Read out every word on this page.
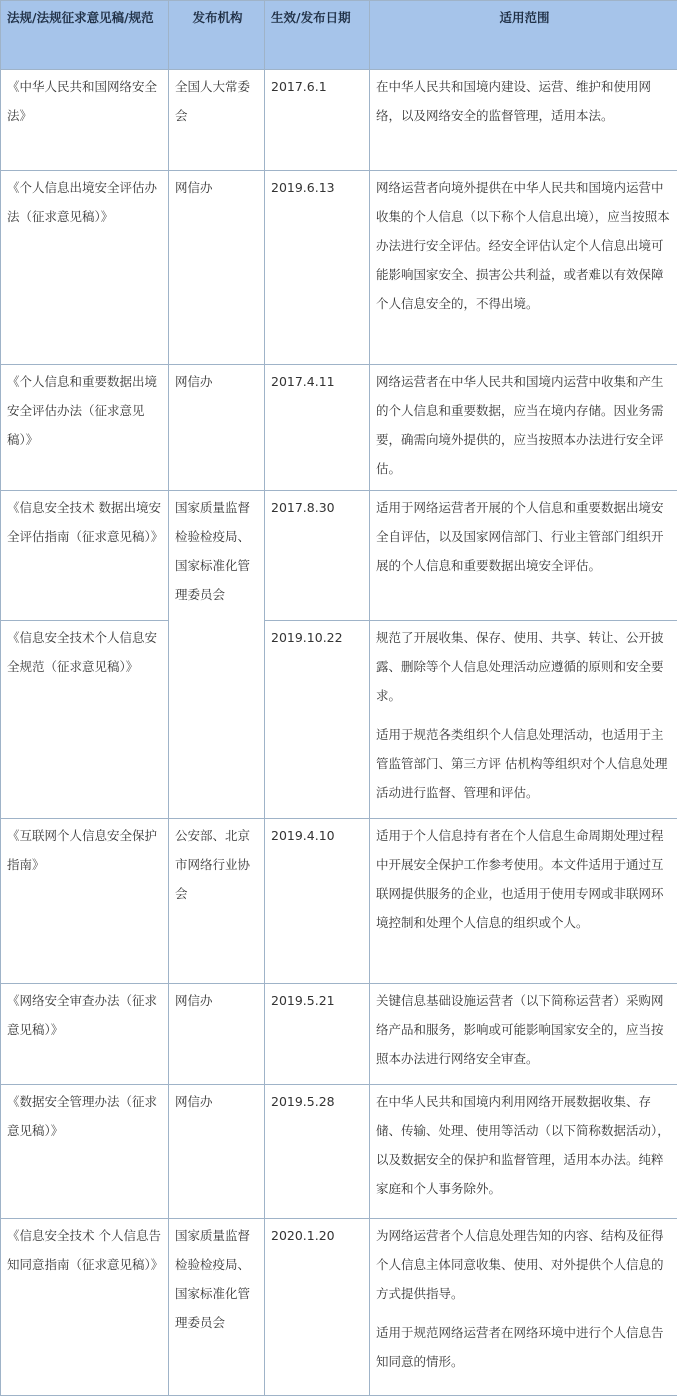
法规/法规征求意见稿/规范	发布机构	生效/发布日期	适用范围
《中华人民共和国网络安全法》	全国人大常委会	2017.6.1	在中华人民共和国境内建设、运营、维护和使用网络，以及网络安全的监督管理，适用本法。

《个人信息出境安全评估办法（征求意见稿）》	网信办	2019.6.13	网络运营者向境外提供在中华人民共和国境内运营中收集的个人信息（以下称个人信息出境），应当按照本办法进行安全评估。经安全评估认定个人信息出境可能影响国家安全、损害公共利益，或者难以有效保障个人信息安全的，不得出境。

《个人信息和重要数据出境安全评估办法（征求意见稿）》	网信办	2017.4.11	网络运营者在中华人民共和国境内运营中收集和产生的个人信息和重要数据，应当在境内存储。因业务需要，确需向境外提供的，应当按照本办法进行安全评估。

《信息安全技术 数据出境安全评估指南（征求意见稿）》	国家质量监督检验检疫局、国家标准化管理委员会	2017.8.30	适用于网络运营者开展的个人信息和重要数据出境安全自评估，以及国家网信部门、行业主管部门组织开展的个人信息和重要数据出境安全评估。

《信息安全技术个人信息安全规范（征求意见稿）》		2019.10.22	规范了开展收集、保存、使用、共享、转让、公开披露、删除等个人信息处理活动应遵循的原则和安全要求。

适用于规范各类组织个人信息处理活动，也适用于主管监管部门、第三方评 估机构等组织对个人信息处理活动进行监督、管理和评估。

《互联网个人信息安全保护指南》	公安部、北京市网络行业协会	2019.4.10	适用于个人信息持有者在个人信息生命周期处理过程中开展安全保护工作参考使用。本文件适用于通过互联网提供服务的企业，也适用于使用专网或非联网环境控制和处理个人信息的组织或个人。

《网络安全审查办法（征求意见稿）》	网信办	2019.5.21	关键信息基础设施运营者（以下简称运营者）采购网络产品和服务，影响或可能影响国家安全的，应当按照本办法进行网络安全审查。

《数据安全管理办法（征求意见稿）》	网信办	2019.5.28	在中华人民共和国境内利用网络开展数据收集、存储、传输、处理、使用等活动（以下简称数据活动），以及数据安全的保护和监督管理，适用本办法。纯粹家庭和个人事务除外。

《信息安全技术 个人信息告知同意指南（征求意见稿）》	国家质量监督检验检疫局、国家标准化管理委员会	2020.1.20	为网络运营者个人信息处理告知的内容、结构及征得个人信息主体同意收集、使用、对外提供个人信息的方式提供指导。

适用于规范网络运营者在网络环境中进行个人信息告知同意的情形。
